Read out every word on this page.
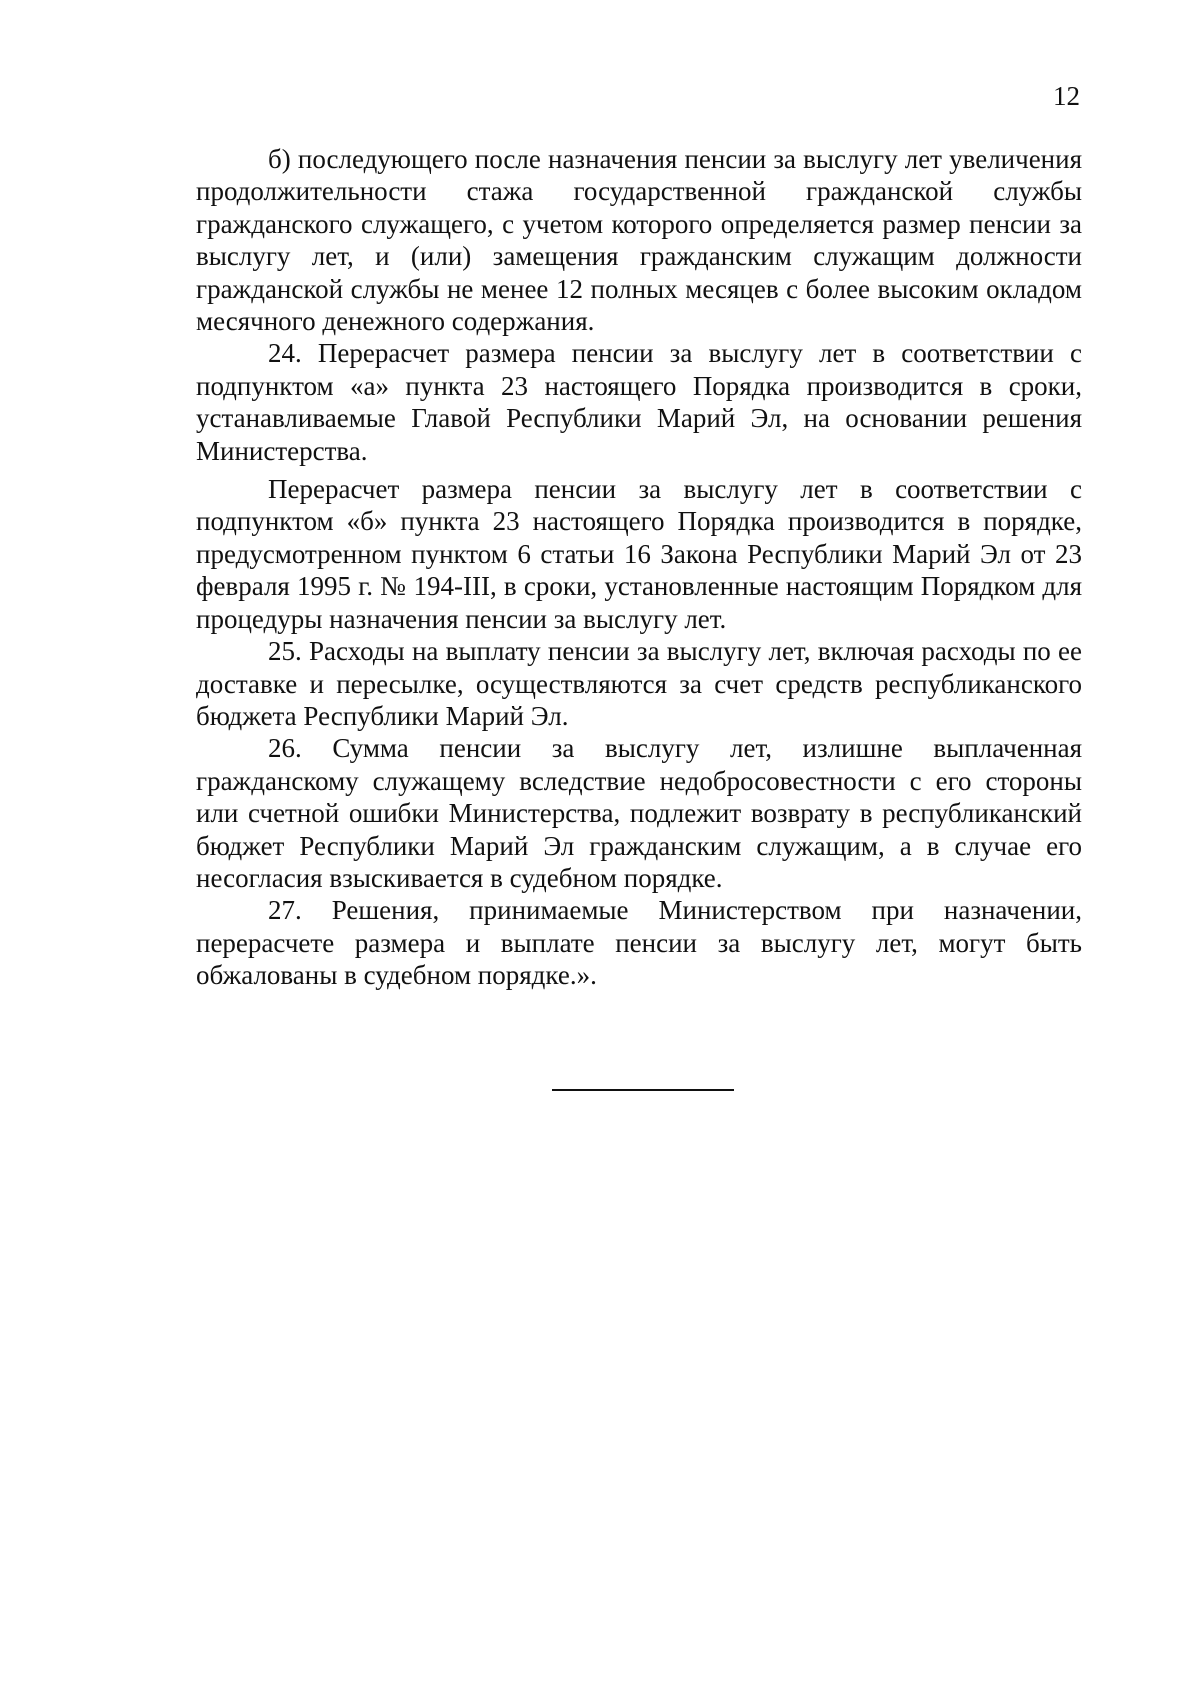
12

б) последующего после назначения пенсии за выслугу лет увеличения продолжительности стажа государственной гражданской службы гражданского служащего, с учетом которого определяется размер пенсии за выслугу лет, и (или) замещения гражданским служащим должности гражданской службы не менее 12 полных месяцев с более высоким окладом месячного денежного содержания.

24. Перерасчет размера пенсии за выслугу лет в соответствии с подпунктом «а» пункта 23 настоящего Порядка производится в сроки, устанавливаемые Главой Республики Марий Эл, на основании решения Министерства.

Перерасчет размера пенсии за выслугу лет в соответствии с подпунктом «б» пункта 23 настоящего Порядка производится в порядке, предусмотренном пунктом 6 статьи 16 Закона Республики Марий Эл от 23 февраля 1995 г. № 194-III, в сроки, установленные настоящим Порядком для процедуры назначения пенсии за выслугу лет.

25. Расходы на выплату пенсии за выслугу лет, включая расходы по ее доставке и пересылке, осуществляются за счет средств республиканского бюджета Республики Марий Эл.

26. Сумма пенсии за выслугу лет, излишне выплаченная гражданскому служащему вследствие недобросовестности с его стороны или счетной ошибки Министерства, подлежит возврату в республиканский бюджет Республики Марий Эл гражданским служащим, а в случае его несогласия взыскивается в судебном порядке.

27. Решения, принимаемые Министерством при назначении, перерасчете размера и выплате пенсии за выслугу лет, могут быть обжалованы в судебном порядке.».
